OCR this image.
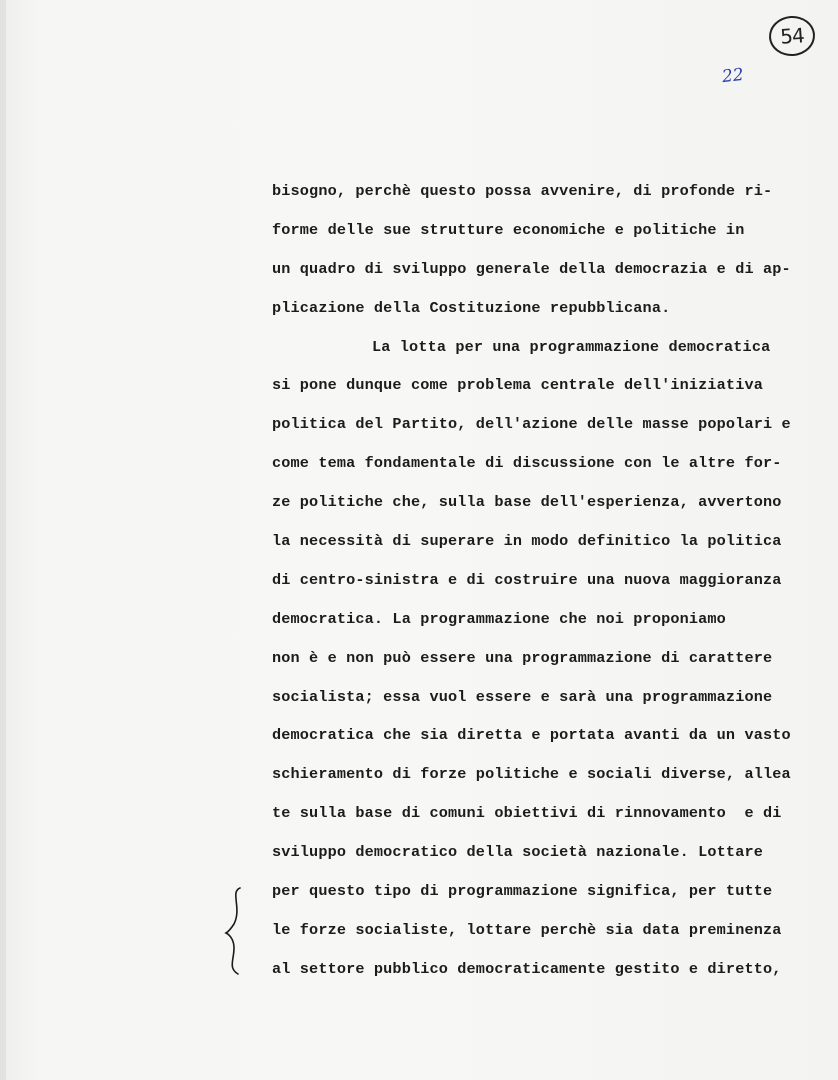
54
22
bisogno, perchè questo possa avvenire, di profonde ri-
forme delle sue strutture economiche e politiche in
un quadro di sviluppo generale della democrazia e di ap-
plicazione della Costituzione repubblicana.
La lotta per una programmazione democratica
si pone dunque come problema centrale dell'iniziativa
politica del Partito, dell'azione delle masse popolari e
come tema fondamentale di discussione con le altre for-
ze politiche che, sulla base dell'esperienza, avvertono
la necessità di superare in modo definitico la politica
di centro-sinistra e di costruire una nuova maggioranza
democratica. La programmazione che noi proponiamo
non è e non può essere una programmazione di carattere
socialista; essa vuol essere e sarà una programmazione
democratica che sia diretta e portata avanti da un vasto
schieramento di forze politiche e sociali diverse, allea
te sulla base di comuni obiettivi di rinnovamento  e di
sviluppo democratico della società nazionale. Lottare
per questo tipo di programmazione significa, per tutte
le forze socialiste, lottare perchè sia data preminenza
al settore pubblico democraticamente gestito e diretto,
